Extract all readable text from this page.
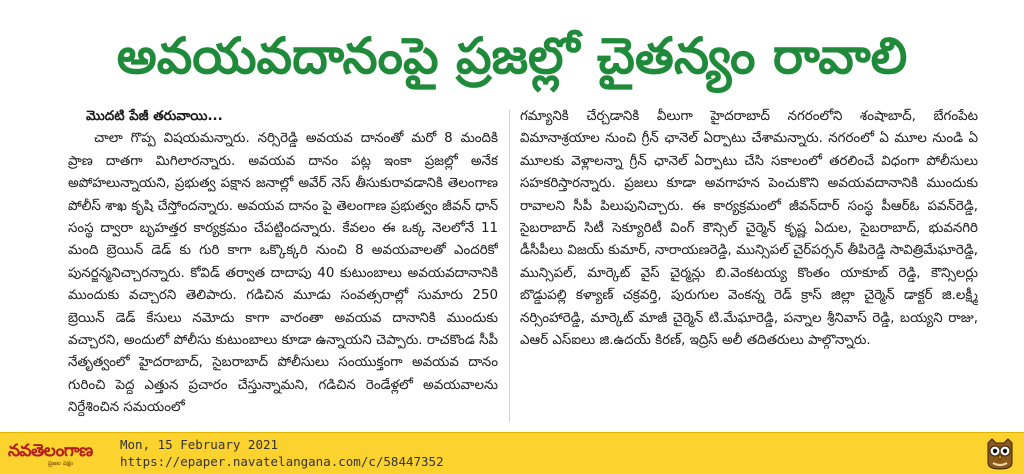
అవయవదానంపై ప్రజల్లో చైతన్యం రావాలి
మొదటి పేజీ తరువాయి...

చాలా గొప్ప విషయమన్నారు. నర్సిరెడ్డి అవయవ దానంతో మరో 8 మందికి ప్రాణ దాతగా మిగిలారన్నారు. అవయవ దానం పట్ల ఇంకా ప్రజల్లో అనేక అపోహలున్నాయని, ప్రభుత్వ పక్షాన జనాల్లో అవేర్ నెస్ తీసుకురావడానికి తెలంగాణ పోలీస్ శాఖ కృషి చేస్తోందన్నారు. అవయవ దానం పై తెలంగాణ ప్రభుత్వం జీవన్ ధాన్ సంస్థ ద్వారా బృహత్తర కార్యక్రమం చేపట్టిందన్నారు. కేవలం ఈ ఒక్క నెలలోనే 11 మంది బ్రెయిన్ డెడ్ కు గురి కాగా ఒక్కొక్కరి నుంచి 8 అవయవాలతో ఎందరికో పునర్జన్మనిచ్చారన్నారు. కోవిడ్ తర్వాత దాదాపు 40 కుటుంబాలు అవయవదానానికి ముందుకు వచ్చారని తెలిపారు. గడిచిన మూడు సంవత్సరాల్లో సుమారు 250 బ్రెయిన్ డెడ్ కేసులు నమోదు కాగా వారంతా అవయవ దానానికి ముందుకు వచ్చారని, అందులో పోలీసు కుటుంబాలు కూడా ఉన్నాయని చెప్పారు. రాచకొండ సీపీ నేతృత్వంలో హైదరాబాద్, సైబరాబాద్ పోలీసులు సంయుక్తంగా అవయవ దానం గురించి పెద్ద ఎత్తున ప్రచారం చేస్తున్నామని, గడిచిన రెండేళ్లలో అవయవాలను నిర్దేశించిన సమయంలో

గమ్యానికి చేర్చడానికి వీలుగా హైదరాబాద్ నగరంలోని శంషాబాద్, బేగంపేట విమానాశ్రయాల నుంచి గ్రీన్ ఛానెల్ ఏర్పాటు చేశామన్నారు. నగరంలో ఏ మూల నుండి ఏ మూలకు వెళ్లాలన్నా గ్రీన్ ఛానెల్ ఏర్పాటు చేసి సకాలంలో తరలించే విధంగా పోలీసులు సహకరిస్తారన్నారు. ప్రజలు కూడా అవగాహన పెంచుకొని అవయవదానానికి ముందుకు రావాలని సీపీ పిలుపునిచ్చారు. ఈ కార్యక్రమంలో జీవన్‌దార్ సంస్థ పీఆర్ఓ పవన్‌రెడ్డి, సైబరాబాద్ సిటీ సెక్యూరిటీ వింగ్ కౌన్సిల్ చైర్మెన్ కృష్ణ ఏదుల, సైబరాబాద్, భువనగిరి డీసీపీలు విజయ్ కుమార్, నారాయణరెడ్డి, మున్సిపల్ చైర్‌పర్సన్ తీపిరెడ్డి సావిత్రిమేఘారెడ్డి, మున్సిపల్, మార్కెట్ వైస్ చైర్మన్లు బి.వెంకటయ్య కొంతం యాకూబ్ రెడ్డి, కౌన్సిలర్లు బొడ్డుపల్లి కళ్యాణ్ చక్రవర్తి, పురుగుల వెంకన్న రెడ్ క్రాస్ జిల్లా చైర్మెన్ డాక్టర్ జి.లక్ష్మీ నర్సింహారెడ్డి, మార్కెట్ మాజీ చైర్మెన్ టి.మేఘారెడ్డి, పన్నాల శ్రీనివాస్ రెడ్డి, బయ్యని రాజు, ఎఆర్ ఎస్ఐలు జి.ఉదయ్ కిరణ్, ఇద్రిస్ అలీ తదితరులు పాల్గొన్నారు.

నవతెలంగాణ
ప్రజల పక్షం
Mon, 15 February 2021
https://epaper.navatelangana.com/c/58447352
